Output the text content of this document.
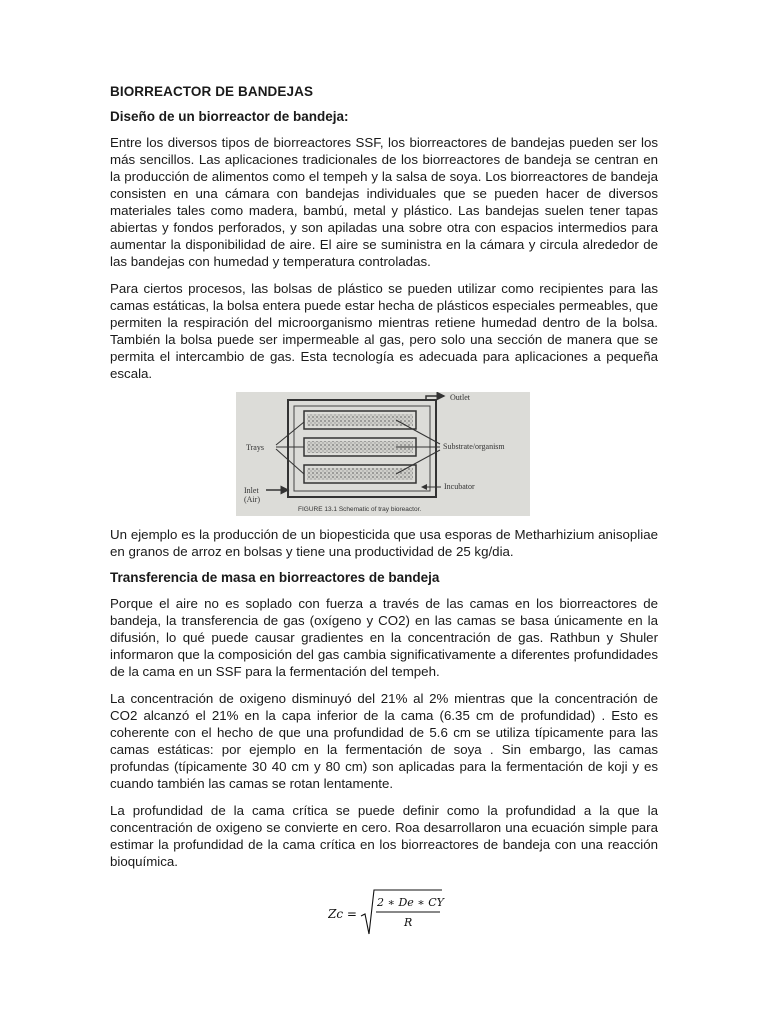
BIORREACTOR DE BANDEJAS
Diseño de un biorreactor de bandeja:

Entre los diversos tipos de biorreactores SSF, los biorreactores de bandejas pueden ser los más sencillos. Las aplicaciones tradicionales de los biorreactores de bandeja se centran en la producción de alimentos como el tempeh y la salsa de soya. Los biorreactores de bandeja consisten en una cámara con bandejas individuales que se pueden hacer de diversos materiales tales como madera, bambú, metal y plástico. Las bandejas suelen tener tapas abiertas y fondos perforados, y son apiladas una sobre otra con espacios intermedios para aumentar la disponibilidad de aire. El aire se suministra en la cámara y circula alrededor de las bandejas con humedad y temperatura controladas.

Para ciertos procesos, las bolsas de plástico se pueden utilizar como recipientes para las camas estáticas, la bolsa entera puede estar hecha de plásticos especiales permeables, que permiten la respiración del microorganismo mientras retiene humedad dentro de la bolsa. También la bolsa puede ser impermeable al gas, pero solo una sección de manera que se permita el intercambio de gas. Esta tecnología es adecuada para aplicaciones a pequeña escala.

Outlet
Trays	Substrate/organism
Incubator
Inlet
(Air)
FIGURE 13.1 Schematic of tray bioreactor.

Un ejemplo es la producción de un biopesticida que usa esporas de Metharhizium anisopliae en granos de arroz en bolsas y tiene una productividad de 25 kg/dia.

Transferencia de masa en biorreactores de bandeja

Porque el aire no es soplado con fuerza a través de las camas en los biorreactores de bandeja, la transferencia de gas (oxígeno y CO2) en las camas se basa únicamente en la difusión, lo qué puede causar gradientes en la concentración de gas. Rathbun y Shuler informaron que la composición del gas cambia significativamente a diferentes profundidades de la cama en un SSF para la fermentación del tempeh.

La concentración de oxigeno disminuyó del 21% al 2% mientras que la concentración de CO2 alcanzó el 21% en la capa inferior de la cama (6.35 cm de profundidad) . Esto es coherente con el hecho de que una profundidad de 5.6 cm se utiliza típicamente para las camas estáticas: por ejemplo en la fermentación de soya . Sin embargo, las camas profundas (típicamente 30 40 cm y 80 cm) son aplicadas para la fermentación de koji y es cuando también las camas se rotan lentamente.

La profundidad de la cama crítica se puede definir como la profundidad a la que la concentración de oxigeno se convierte en cero. Roa desarrollaron una ecuación simple para estimar la profundidad de la cama crítica en los biorreactores de bandeja con una reacción bioquímica.

Zc =
2 ∗ De ∗ CY
R
